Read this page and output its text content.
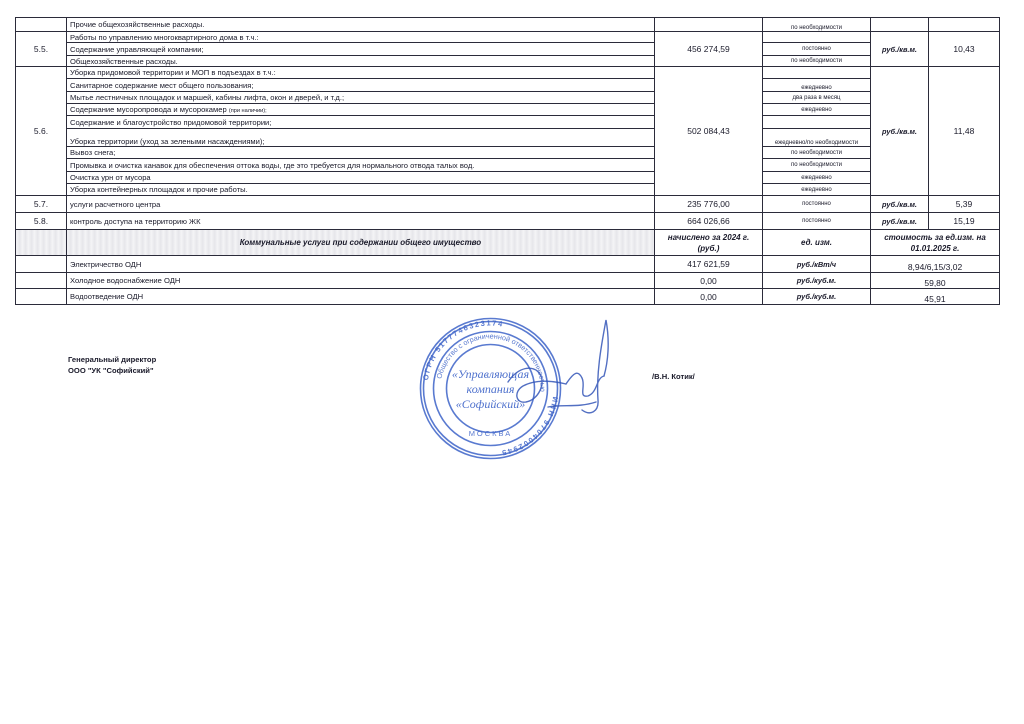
	Прочие общехозяйственные расходы.		по необходимости		
5.5.	Работы по управлению многоквартирного дома в т.ч.:	456 274,59		руб./кв.м.	10,43
	Содержание управляющей компании;		постоянно		
	Общехозяйственные расходы.		по необходимости		
5.6.	Уборка придомовой территории и МОП в подъездах в т.ч.:	502 084,43		руб./кв.м.	11,48
	Санитарное содержание мест общего пользования;		ежедневно		
	Мытье лестничных площадок и маршей, кабины лифта, окон и дверей, и т.д.;		два раза в месяц		
	Содержание мусоропровода и мусорокамер (при наличии);		ежедневно		
	Содержание и благоустройство придомовой территории;				
	Уборка территории (уход за зелеными насаждениями);		ежедневно/по необходимости		
	Вывоз снега;		по необходимости		
	Промывка и очистка канавок для обеспечения оттока воды, где это требуется для нормального отвода талых вод.		по необходимости		
	Очистка урн от мусора		ежедневно		
	Уборка контейнерных площадок и прочие работы.		ежедневно		
5.7.	услуги расчетного центра	235 776,00	постоянно	руб./кв.м.	5,39
5.8.	контроль доступа на территорию ЖК	664 026,66	постоянно	руб./кв.м.	15,19
	Коммунальные услуги при содержании общего имущество	начислено за 2024 г. (руб.)	ед. изм.	стоимость за ед.изм. на 01.01.2025 г.	
	Электричество ОДН	417 621,59	руб./кВт/ч	8,94/6,15/3,02	
	Холодное водоснабжение ОДН	0,00	руб./куб.м.	59,80	
	Водоотведение ОДН	0,00	руб./куб.м.	45,91	
Генеральный директор
ООО "УК "Софийский"
/В.Н. Котик/
ОГРН 5177746323174
ИНН 9704002945
Общество с ограниченной ответственностью
МОСКВА
«Управляющая
компания
«Софийский»
